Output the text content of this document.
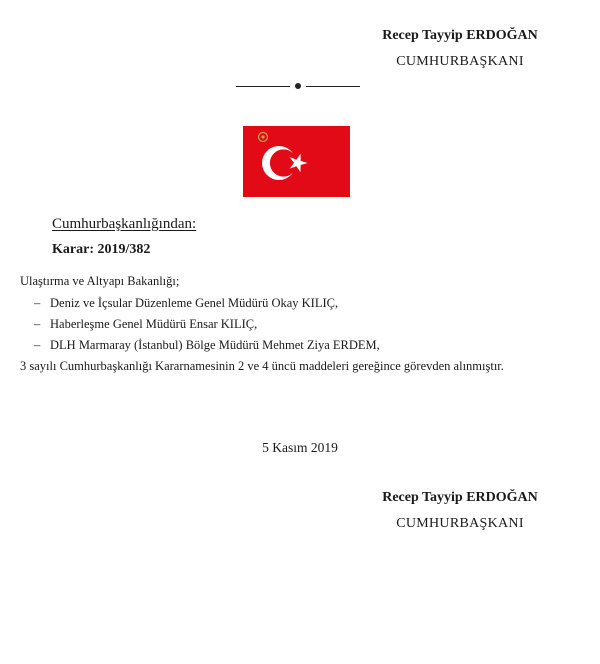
Recep Tayyip ERDOĞAN
CUMHURBAŞKANI
Cumhurbaşkanlığından:
Karar: 2019/382
Ulaştırma ve Altyapı Bakanlığı;
– Deniz ve İçsular Düzenleme Genel Müdürü Okay KILIÇ,
– Haberleşme Genel Müdürü Ensar KILIÇ,
– DLH Marmaray (İstanbul) Bölge Müdürü Mehmet Ziya ERDEM,
3 sayılı Cumhurbaşkanlığı Kararnamesinin 2 ve 4 üncü maddeleri gereğince görevden alınmıştır.
5 Kasım 2019
Recep Tayyip ERDOĞAN
CUMHURBAŞKANI
